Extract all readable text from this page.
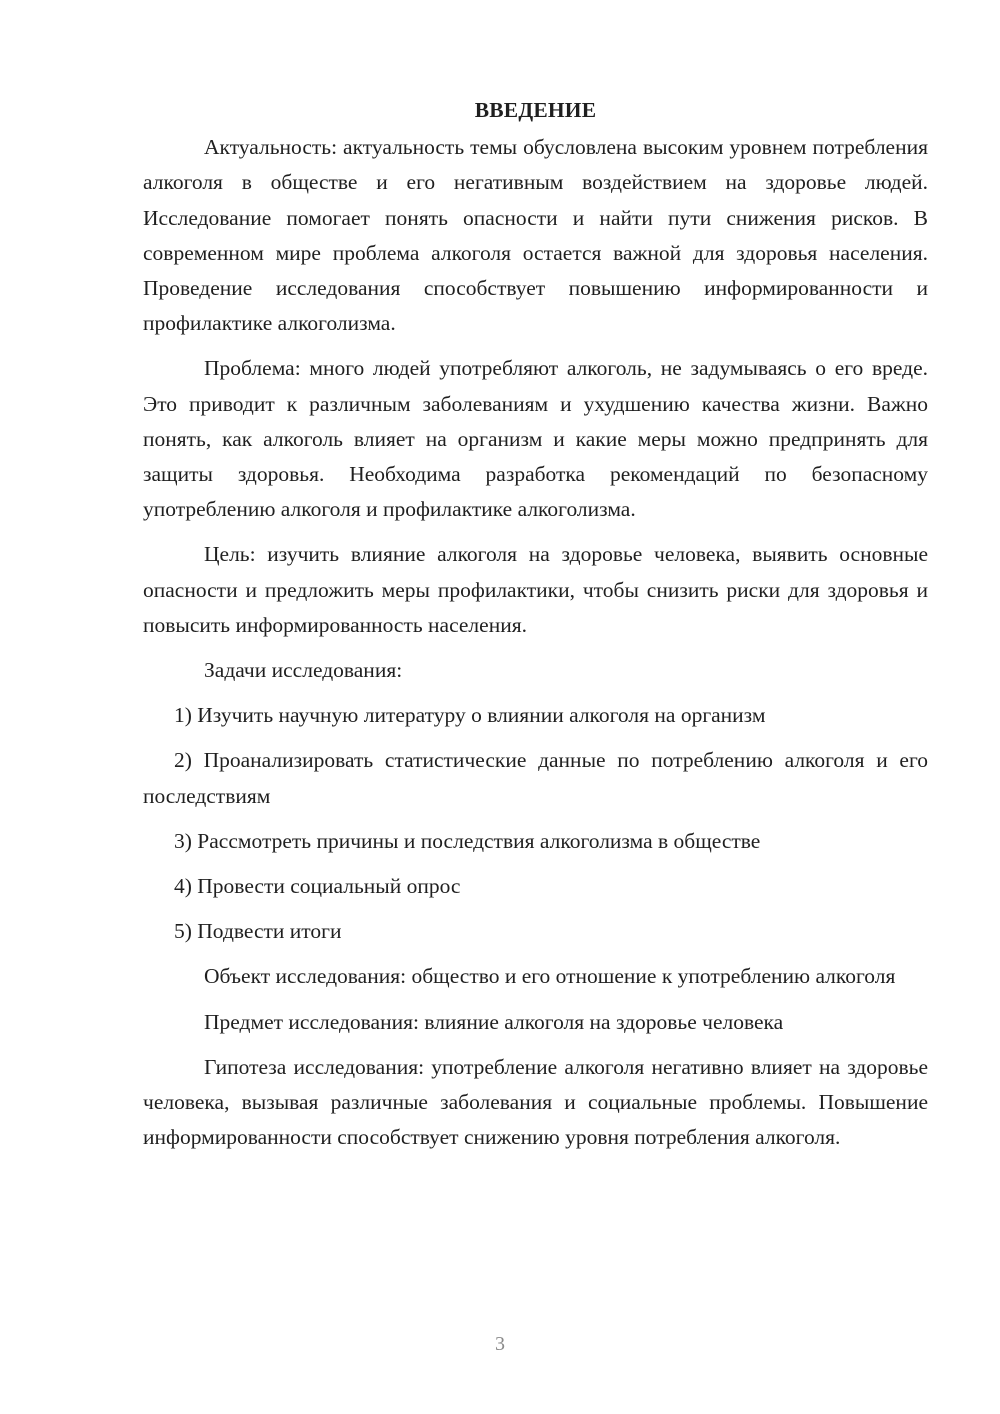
ВВЕДЕНИЕ

Актуальность: актуальность темы обусловлена высоким уровнем потребления алкоголя в обществе и его негативным воздействием на здоровье людей. Исследование помогает понять опасности и найти пути снижения рисков. В современном мире проблема алкоголя остается важной для здоровья населения. Проведение исследования способствует повышению информированности и профилактике алкоголизма.

Проблема: много людей употребляют алкоголь, не задумываясь о его вреде. Это приводит к различным заболеваниям и ухудшению качества жизни. Важно понять, как алкоголь влияет на организм и какие меры можно предпринять для защиты здоровья. Необходима разработка рекомендаций по безопасному употреблению алкоголя и профилактике алкоголизма.

Цель: изучить влияние алкоголя на здоровье человека, выявить основные опасности и предложить меры профилактики, чтобы снизить риски для здоровья и повысить информированность населения.

Задачи исследования:

1) Изучить научную литературу о влиянии алкоголя на организм

2) Проанализировать статистические данные по потреблению алкоголя и его последствиям

3) Рассмотреть причины и последствия алкоголизма в обществе

4) Провести социальный опрос

5) Подвести итоги

Объект исследования: общество и его отношение к употреблению алкоголя

Предмет исследования: влияние алкоголя на здоровье человека

Гипотеза исследования: употребление алкоголя негативно влияет на здоровье человека, вызывая различные заболевания и социальные проблемы. Повышение информированности способствует снижению уровня потребления алкоголя.

3
